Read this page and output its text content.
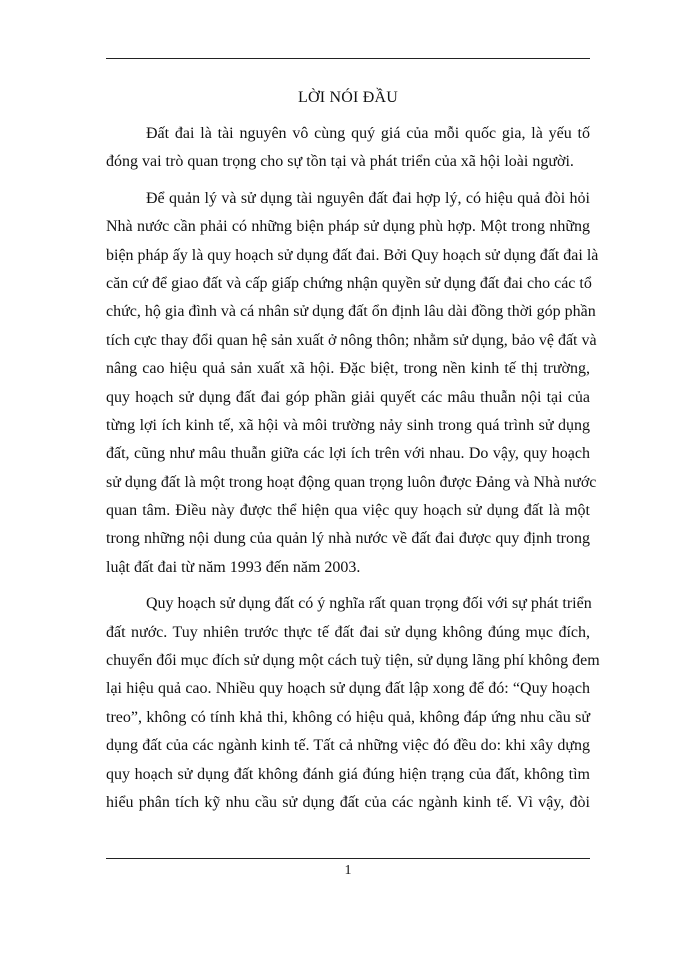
LỜI NÓI ĐẦU
Đất đai là tài nguyên vô cùng quý giá của mỗi quốc gia, là yếu tố
đóng vai trò quan trọng cho sự tồn tại và phát triển của xã hội loài người.
Để quản lý và sử dụng tài nguyên đất đai hợp lý, có hiệu quả đòi hỏi
Nhà nước cần phải có những biện pháp sử dụng phù hợp. Một trong những
biện pháp ấy là quy hoạch sử dụng đất đai. Bởi Quy hoạch sử dụng đất đai là
căn cứ để giao đất và cấp giấp chứng nhận quyền sử dụng đất đai cho các tổ
chức, hộ gia đình và cá nhân sử dụng đất ổn định lâu dài đồng thời góp phần
tích cực thay đổi quan hệ sản xuất ở nông thôn; nhằm sử dụng, bảo vệ đất và
nâng cao hiệu quả sản xuất xã hội. Đặc biệt, trong nền kinh tế thị trường,
quy hoạch sử dụng đất đai góp phần giải quyết các mâu thuẫn nội tại của
từng lợi ích kinh tế, xã hội và môi trường nảy sinh trong quá trình sử dụng
đất, cũng như mâu thuẫn giữa các lợi ích trên với nhau. Do vậy, quy hoạch
sử dụng đất là một trong hoạt động quan trọng luôn được Đảng và Nhà nước
quan tâm. Điều này được thể hiện qua việc quy hoạch sử dụng đất là một
trong những nội dung của quản lý nhà nước về đất đai được quy định trong
luật đất đai từ năm 1993 đến năm 2003.
Quy hoạch sử dụng đất có ý nghĩa rất quan trọng đối với sự phát triển
đất nước. Tuy nhiên trước thực tế đất đai sử dụng không đúng mục đích,
chuyển đổi mục đích sử dụng một cách tuỳ tiện, sử dụng lãng phí không đem
lại hiệu quả cao. Nhiều quy hoạch sử dụng đất lập xong để đó: “Quy hoạch
treo”, không có tính khả thi, không có hiệu quả, không đáp ứng nhu cầu sử
dụng đất của các ngành kinh tế. Tất cả những việc đó đều do: khi xây dựng
quy hoạch sử dụng đất không đánh giá đúng hiện trạng của đất, không tìm
hiểu phân tích kỹ nhu cầu sử dụng đất của các ngành kinh tế. Vì vậy, đòi
1
